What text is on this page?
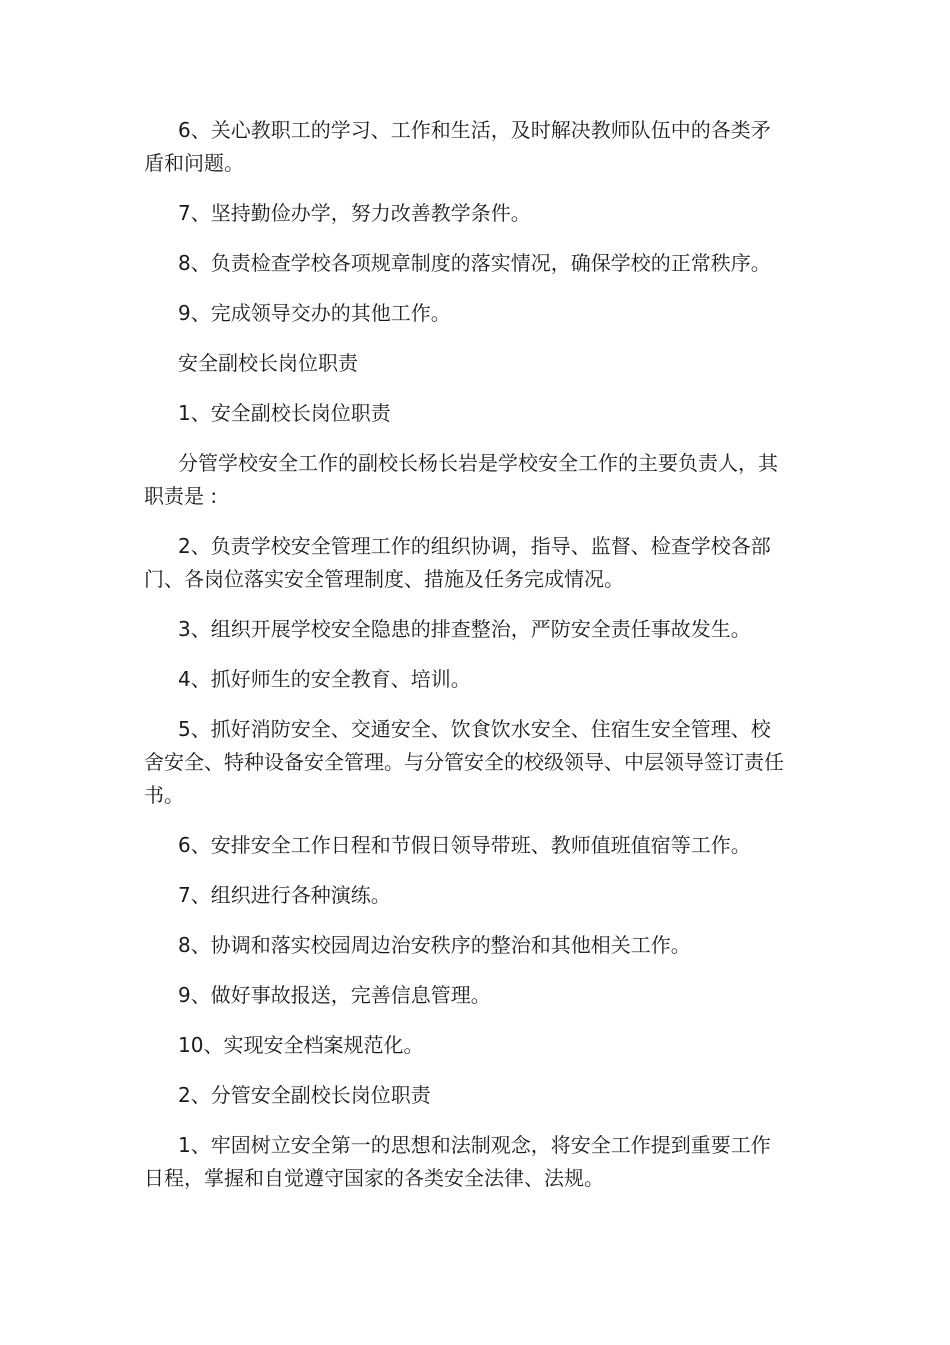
6、关心教职工的学习、工作和生活，及时解决教师队伍中的各类矛盾和问题。

7、坚持勤俭办学，努力改善教学条件。

8、负责检查学校各项规章制度的落实情况，确保学校的正常秩序。

9、完成领导交办的其他工作。

安全副校长岗位职责

1、安全副校长岗位职责

分管学校安全工作的副校长杨长岩是学校安全工作的主要负责人，其职责是 :

2、负责学校安全管理工作的组织协调，指导、监督、检查学校各部门、各岗位落实安全管理制度、措施及任务完成情况。

3、组织开展学校安全隐患的排查整治，严防安全责任事故发生。

4、抓好师生的安全教育、培训。

5、抓好消防安全、交通安全、饮食饮水安全、住宿生安全管理、校舍安全、特种设备安全管理。与分管安全的校级领导、中层领导签订责任书。

6、安排安全工作日程和节假日领导带班、教师值班值宿等工作。

7、组织进行各种演练。

8、协调和落实校园周边治安秩序的整治和其他相关工作。

9、做好事故报送，完善信息管理。

10、实现安全档案规范化。

2、分管安全副校长岗位职责

1、牢固树立安全第一的思想和法制观念，将安全工作提到重要工作日程，掌握和自觉遵守国家的各类安全法律、法规。
